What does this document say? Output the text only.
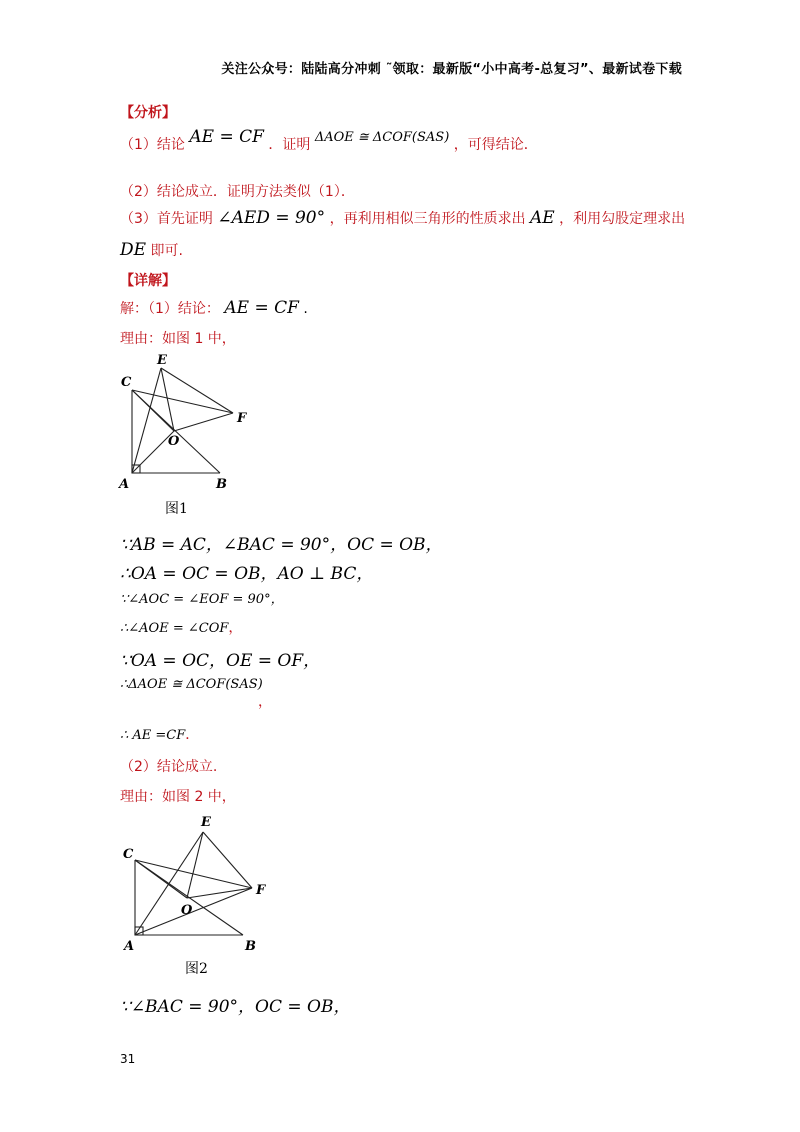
关注公众号：陆陆高分冲刺 ˜领取：最新版“小中高考-总复习”、最新试卷下载
【分析】
（1）结论 AE = CF ．证明 ΔAOE ≅ ΔCOF(SAS) ，可得结论．
（2）结论成立．证明方法类似（1）．
（3）首先证明 ∠AED = 90° ，再利用相似三角形的性质求出 AE ，利用勾股定理求出
DE 即可.
【详解】
解：（1）结论： AE = CF .
理由：如图 1 中，
E
C
F
O
A	B
图1
∵AB = AC，∠BAC = 90°，OC = OB，
∴OA = OC = OB，AO ⊥ BC，
∵∠AOC = ∠EOF = 90°，
∴∠AOE = ∠COF，
∵OA = OC，OE = OF，
∴ΔAOE ≅ ΔCOF(SAS)
，
∴ AE =CF．
（2）结论成立.
理由：如图 2 中，
E
C
F
O
A	B
图2
∵∠BAC = 90°，OC = OB，
31
